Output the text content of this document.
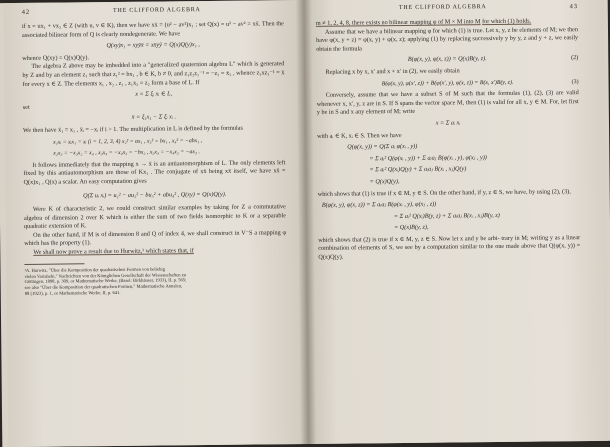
42	THE CLIFFORD ALGEBRA

if x = ux₁ + vx₂ ∈ Z (with u, v ∈ K), then we have xx̄ = (u² − av²)x₁ ; set Q(x) = u² − av² = xx̄. Then the associated bilinear form of Q is clearly nondegenerate. We have

Q(xy)x₁ = xyȳx̄ = xx̄yȳ = Q(x)Q(y)x₁ ,

whence Q(xy) = Q(x)Q(y).

The algebra Z above may be imbedded into a "generalized quaternion algebra L" which is generated by Z and by an element z₁ such that z₁² = bx₁ , b ∈ K, b ≠ 0, and z₁z₂z₁⁻¹ = −z₂ = x̄₂ , whence z₁xz₁⁻¹ = x̄ for every x ∈ Z. The elements x₁ , x₂ , z₁ , z₁x₂ = z₂ form a base of L. If

x = Σ ξᵢ xᵢ ∈ L,

set

x̄ = ξ₁x₁ − Σ ξᵢ xᵢ .

We then have x̄₁ = x₁ , x̄ᵢ = −xᵢ if i > 1. The multiplication in L is defined by the formulas

x₁xᵢ = xᵢx₁ = xᵢ (i = 1, 2, 3, 4) x₂² = ax₁ , x₃² = bx₁ , x₄² = −abx₁ ,
x₂x₃ = −x₃x₂ = x₄ , x₃x₄ = −x₄x₃ = −bx₂ , x₂x₄ = −x₄x₂ = −ax₃ .

It follows immediately that the mapping x → x̄ is an antiautomorphism of L. The only elements left fixed by this antiautomorphism are those of Kx₁ . The conjugate of xx̄ being xx̄ itself, we have xx̄ = Q(x)x₁ , Q(x) a scalar. An easy computation gives

Q(Σ uᵢ xᵢ) = u₁² − au₂² − bu₃² + abu₄² , Q(xy) = Q(x)Q(y).

Were K of characteristic 2, we could construct similar examples by taking for Z a commutative algebra of dimension 2 over K which is either the sum of two fields isomorphic to K or a separable quadratic extension of K.

On the other hand, if M is of dimension 8 and Q of index 4, we shall construct in V⁻S a mapping φ which has the property (1).

We shall now prove a result due to Hurwitz,¹ which states that, if

¹A. Hurwitz, "Über die Komposition der quadratischen Formen von beliebig

vielen Variabeln," Nachrichten von der Königlichen Gesellschaft der Wissenschaften zu

Göttingen, 1898, p. 309, or Mathematische Werke, (Basel: Birkhäuser, 1933), II, p. 565;

see also "Über die Komposition der quadratischen Formen," Mathematische Annalen,

88 (1923), p. 1, or Mathematische Werke, II, p. 641.

THE CLIFFORD ALGEBRA	43

m ≠ 1, 2, 4, 8, there exists no bilinear mapping φ of M × M into M for which (1) holds.

Assume that we have a bilinear mapping φ for which (1) is true. Let x, y, z be elements of M; we then have φ(x, y + z) = φ(x, y) + φ(x, z); applying (1) by replacing successively y by y, z and y + z, we easily obtain the formula

B(φ(x, y), φ(x, z)) = Q(x)B(y, z).	(2)

Replacing x by x, x′ and x + x′ in (2), we easily obtain

B(φ(x, y), φ(x′, z)) + B(φ(x′, y), φ(x, z)) = B(x, x′)B(y, z).	(3)

Conversely, assume that we have a subset S of M such that the formulas (1), (2), (3) are valid whenever x, x′, y, z are in S. If S spans the vector space M, then (1) is valid for all x, y ∈ M. For, let first y be in S and x any element of M; write

x = Σ aᵢ xᵢ

with aᵢ ∈ K, xᵢ ∈ S. Then we have

Q(φ(x, y)) = Q(Σ aᵢ φ(xᵢ , y))
= Σ aᵢ² Q(φ(xᵢ , y)) + Σ aᵢaⱼ B(φ(xᵢ , y), φ(xⱼ , y))
= Σ aᵢ² Q(xᵢ)Q(y) + Σ aᵢaⱼ B(xᵢ , xⱼ)Q(y)
= Q(x)Q(y),

which shows that (1) is true if x ∈ M, y ∈ S. On the other hand, if y, z ∈ S, we have, by using (2), (3),

B(φ(x, y), φ(x, z)) = Σ aᵢaⱼ B(φ(xᵢ , y), φ(xⱼ , z))
= Σ aᵢ² Q(xᵢ)B(y, z) + Σ aᵢaⱼ B(xᵢ , xⱼ)B(y, z)
= Q(x)B(y, z),

which shows that (2) is true if x ∈ M, y, z ∈ S. Now let x and y be arbi- trary in M; writing y as a linear combination of elements of S, we see by a computation similar to the one made above that Q(φ(x, y)) = Q(x)Q(y).
